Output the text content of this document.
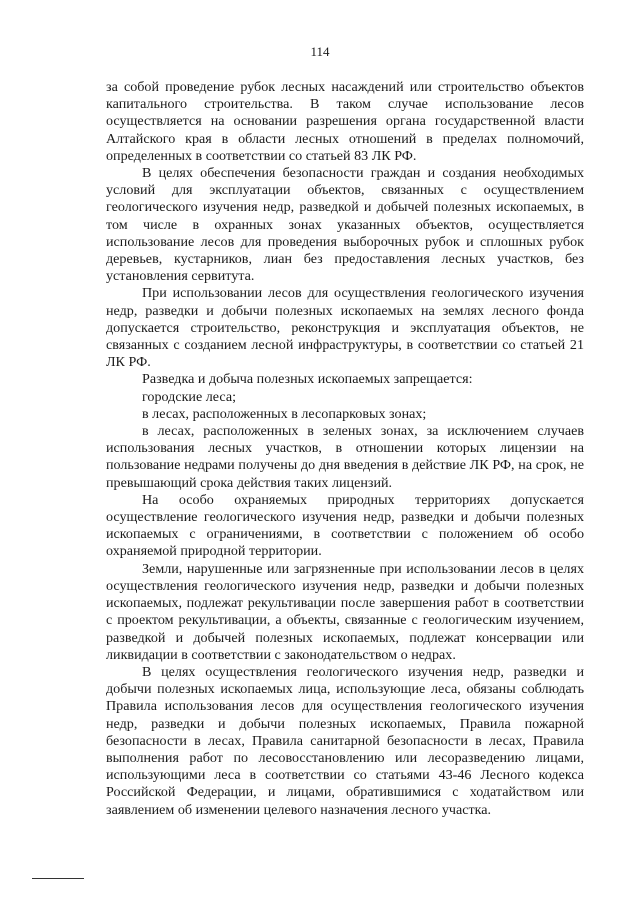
114

за собой проведение рубок лесных насаждений или строительство объектов капитального строительства. В таком случае использование лесов осуществляется на основании разрешения органа государственной власти Алтайского края в области лесных отношений в пределах полномочий, определенных в соответствии со статьей 83 ЛК РФ.

В целях обеспечения безопасности граждан и создания необходимых условий для эксплуатации объектов, связанных с осуществлением геологического изучения недр, разведкой и добычей полезных ископаемых, в том числе в охранных зонах указанных объектов, осуществляется использование лесов для проведения выборочных рубок и сплошных рубок деревьев, кустарников, лиан без предоставления лесных участков, без установления сервитута.

При использовании лесов для осуществления геологического изучения недр, разведки и добычи полезных ископаемых на землях лесного фонда допускается строительство, реконструкция и эксплуатация объектов, не связанных с созданием лесной инфраструктуры, в соответствии со статьей 21 ЛК РФ.

Разведка и добыча полезных ископаемых запрещается:

городские леса;

в лесах, расположенных в лесопарковых зонах;

в лесах, расположенных в зеленых зонах, за исключением случаев использования лесных участков, в отношении которых лицензии на пользование недрами получены до дня введения в действие ЛК РФ, на срок, не превышающий срока действия таких лицензий.

На особо охраняемых природных территориях допускается осуществление геологического изучения недр, разведки и добычи полезных ископаемых с ограничениями, в соответствии с положением об особо охраняемой природной территории.

Земли, нарушенные или загрязненные при использовании лесов в целях осуществления геологического изучения недр, разведки и добычи полезных ископаемых, подлежат рекультивации после завершения работ в соответствии с проектом рекультивации, а объекты, связанные с геологическим изучением, разведкой и добычей полезных ископаемых, подлежат консервации или ликвидации в соответствии с законодательством о недрах.

В целях осуществления геологического изучения недр, разведки и добычи полезных ископаемых лица, использующие леса, обязаны соблюдать Правила использования лесов для осуществления геологического изучения недр, разведки и добычи полезных ископаемых, Правила пожарной безопасности в лесах, Правила санитарной безопасности в лесах, Правила выполнения работ по лесовосстановлению или лесоразведению лицами, использующими леса в соответствии со статьями 43-46 Лесного кодекса Российской Федерации, и лицами, обратившимися с ходатайством или заявлением об изменении целевого назначения лесного участка.
